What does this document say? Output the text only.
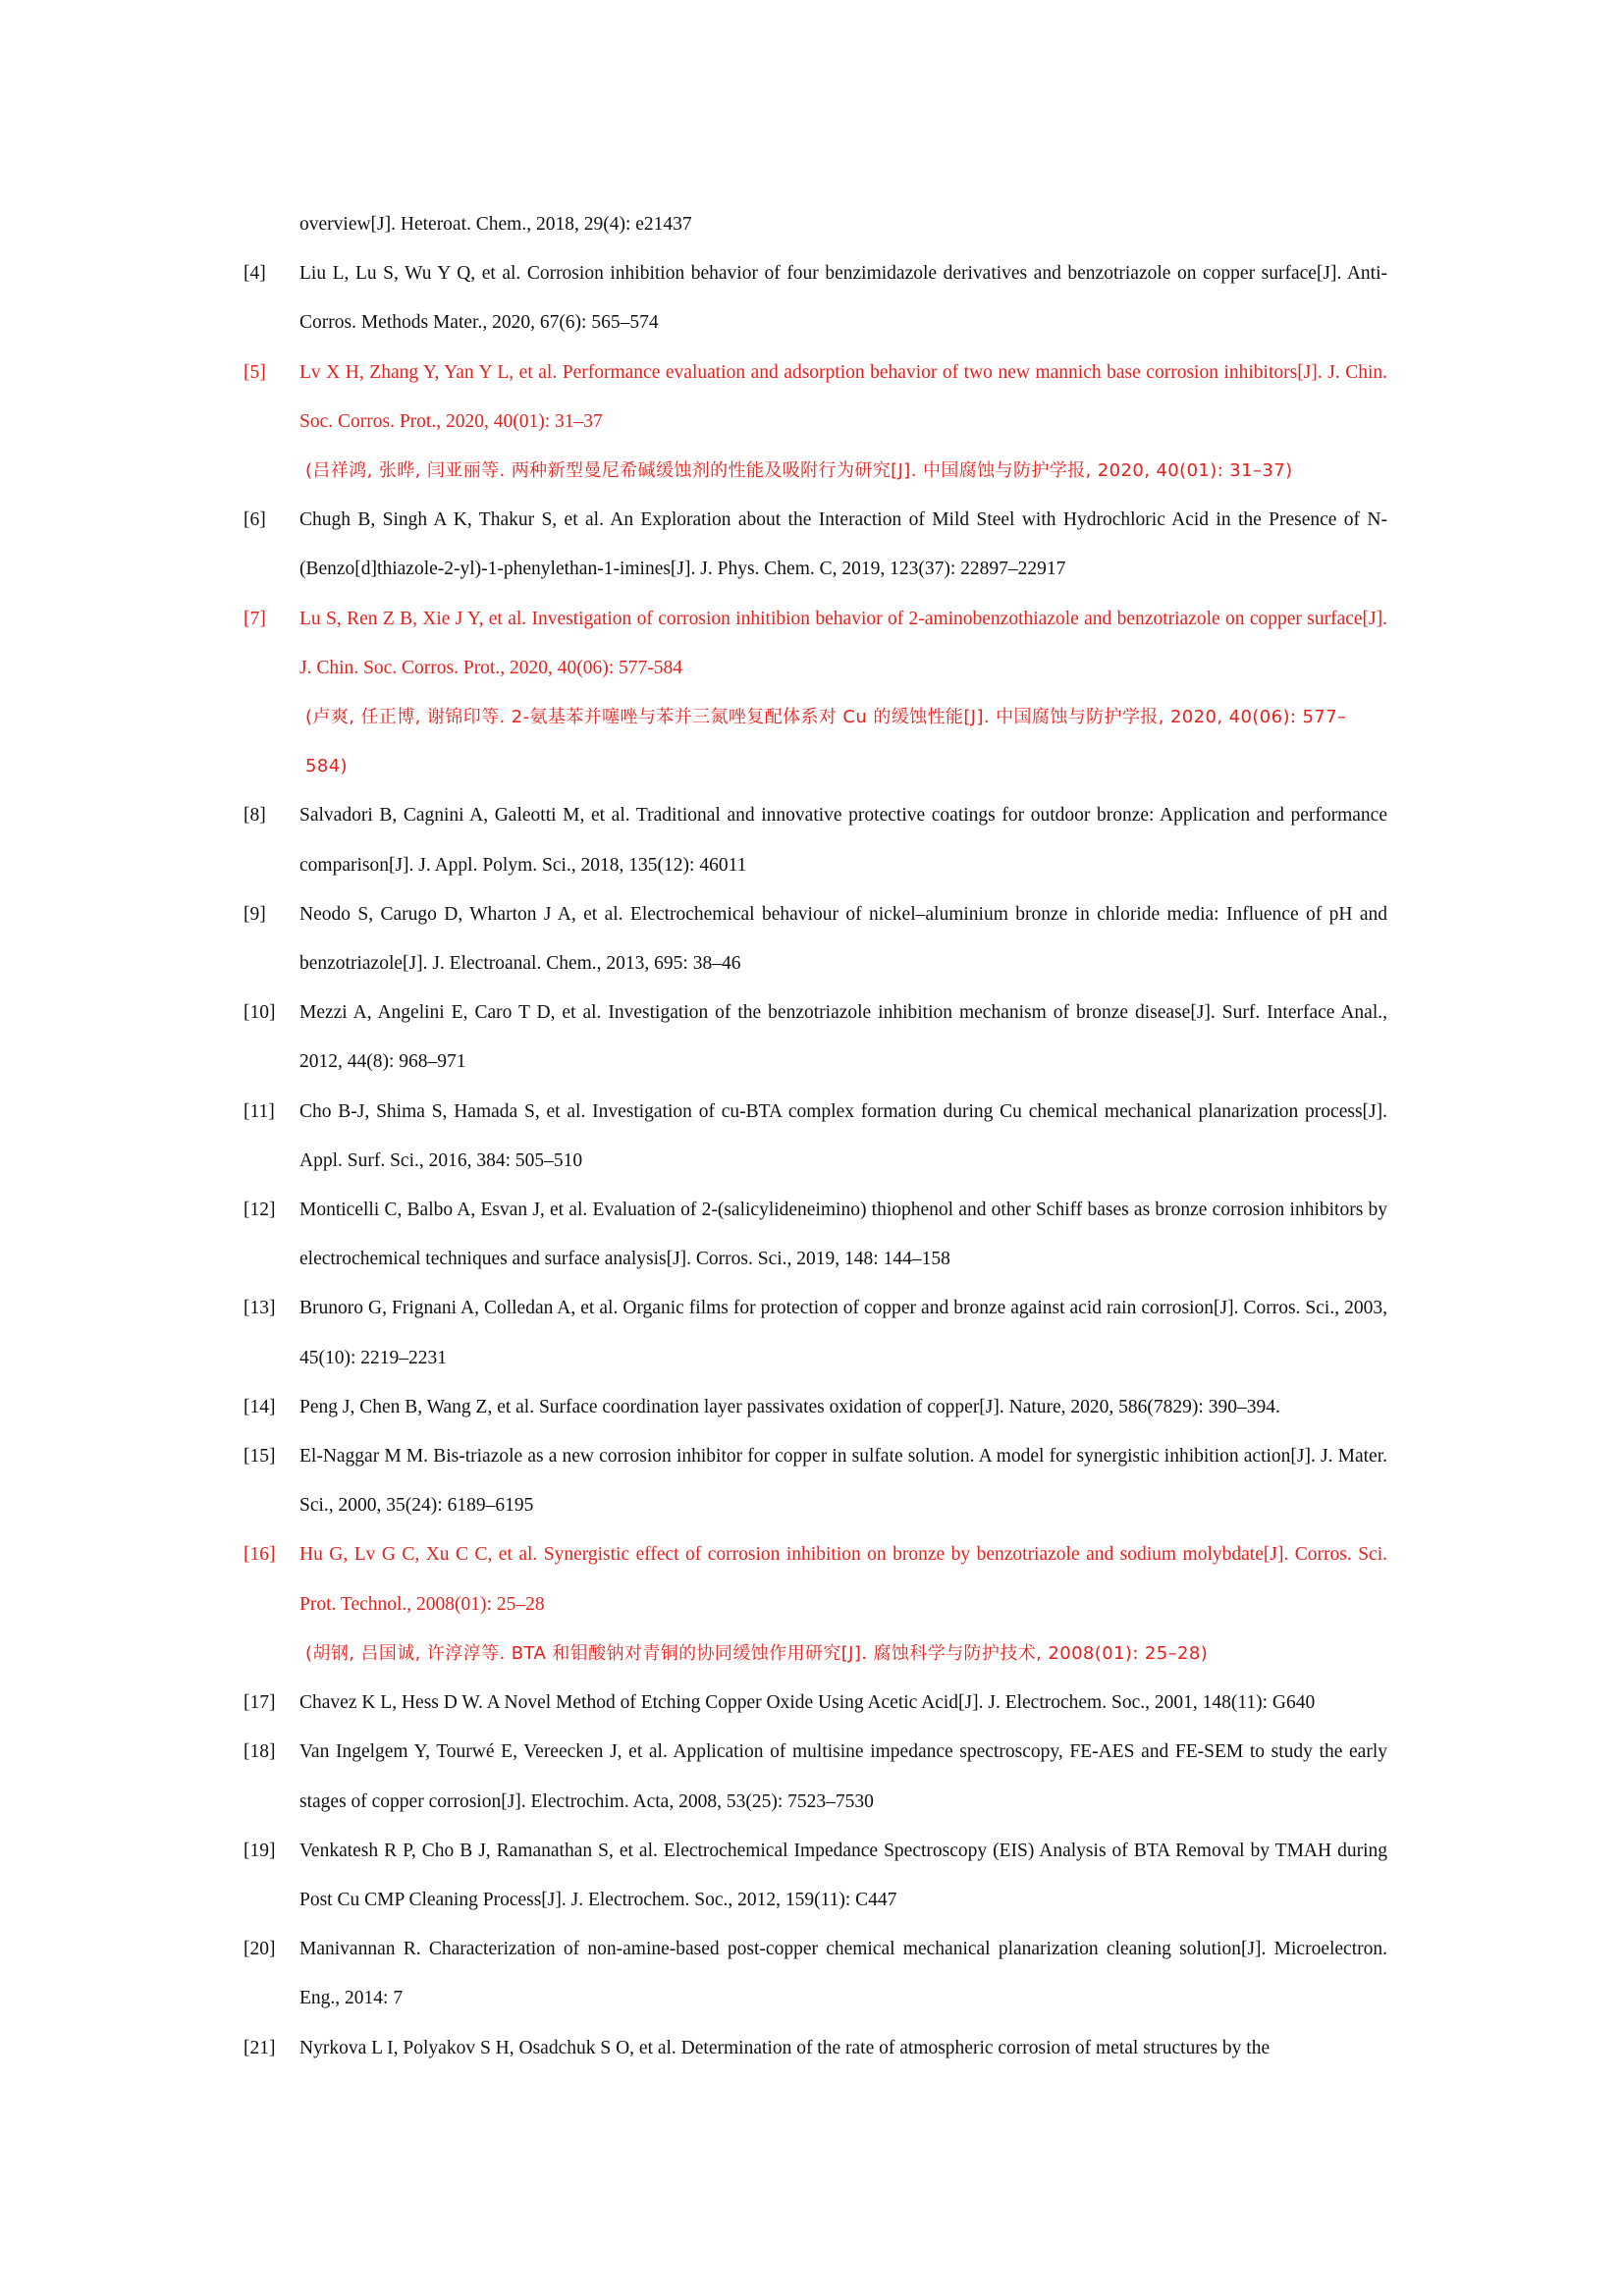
overview[J]. Heteroat. Chem., 2018, 29(4): e21437
[4] Liu L, Lu S, Wu Y Q, et al. Corrosion inhibition behavior of four benzimidazole derivatives and benzotriazole on copper surface[J]. Anti-Corros. Methods Mater., 2020, 67(6): 565–574
[5] Lv X H, Zhang Y, Yan Y L, et al. Performance evaluation and adsorption behavior of two new mannich base corrosion inhibitors[J]. J. Chin. Soc. Corros. Prot., 2020, 40(01): 31–37
(吕祥鸿, 张晔, 闫亚丽等. 两种新型曼尼希碱缓蚀剂的性能及吸附行为研究[J]. 中国腐蚀与防护学报, 2020, 40(01): 31–37)
[6] Chugh B, Singh A K, Thakur S, et al. An Exploration about the Interaction of Mild Steel with Hydrochloric Acid in the Presence of N-(Benzo[d]thiazole-2-yl)-1-phenylethan-1-imines[J]. J. Phys. Chem. C, 2019, 123(37): 22897–22917
[7] Lu S, Ren Z B, Xie J Y, et al. Investigation of corrosion inhitibion behavior of 2-aminobenzothiazole and benzotriazole on copper surface[J]. J. Chin. Soc. Corros. Prot., 2020, 40(06): 577-584
(卢爽, 任正博, 谢锦印等. 2-氨基苯并噻唑与苯并三氮唑复配体系对 Cu 的缓蚀性能[J]. 中国腐蚀与防护学报, 2020, 40(06): 577–584)
[8] Salvadori B, Cagnini A, Galeotti M, et al. Traditional and innovative protective coatings for outdoor bronze: Application and performance comparison[J]. J. Appl. Polym. Sci., 2018, 135(12): 46011
[9] Neodo S, Carugo D, Wharton J A, et al. Electrochemical behaviour of nickel–aluminium bronze in chloride media: Influence of pH and benzotriazole[J]. J. Electroanal. Chem., 2013, 695: 38–46
[10] Mezzi A, Angelini E, Caro T D, et al. Investigation of the benzotriazole inhibition mechanism of bronze disease[J]. Surf. Interface Anal., 2012, 44(8): 968–971
[11] Cho B-J, Shima S, Hamada S, et al. Investigation of cu-BTA complex formation during Cu chemical mechanical planarization process[J]. Appl. Surf. Sci., 2016, 384: 505–510
[12] Monticelli C, Balbo A, Esvan J, et al. Evaluation of 2-(salicylideneimino) thiophenol and other Schiff bases as bronze corrosion inhibitors by electrochemical techniques and surface analysis[J]. Corros. Sci., 2019, 148: 144–158
[13] Brunoro G, Frignani A, Colledan A, et al. Organic films for protection of copper and bronze against acid rain corrosion[J]. Corros. Sci., 2003, 45(10): 2219–2231
[14] Peng J, Chen B, Wang Z, et al. Surface coordination layer passivates oxidation of copper[J]. Nature, 2020, 586(7829): 390–394.
[15] El-Naggar M M. Bis-triazole as a new corrosion inhibitor for copper in sulfate solution. A model for synergistic inhibition action[J]. J. Mater. Sci., 2000, 35(24): 6189–6195
[16] Hu G, Lv G C, Xu C C, et al. Synergistic effect of corrosion inhibition on bronze by benzotriazole and sodium molybdate[J]. Corros. Sci. Prot. Technol., 2008(01): 25–28
(胡钢, 吕国诚, 许淳淳等. BTA 和钼酸钠对青铜的协同缓蚀作用研究[J]. 腐蚀科学与防护技术, 2008(01): 25–28)
[17] Chavez K L, Hess D W. A Novel Method of Etching Copper Oxide Using Acetic Acid[J]. J. Electrochem. Soc., 2001, 148(11): G640
[18] Van Ingelgem Y, Tourwé E, Vereecken J, et al. Application of multisine impedance spectroscopy, FE-AES and FE-SEM to study the early stages of copper corrosion[J]. Electrochim. Acta, 2008, 53(25): 7523–7530
[19] Venkatesh R P, Cho B J, Ramanathan S, et al. Electrochemical Impedance Spectroscopy (EIS) Analysis of BTA Removal by TMAH during Post Cu CMP Cleaning Process[J]. J. Electrochem. Soc., 2012, 159(11): C447
[20] Manivannan R. Characterization of non-amine-based post-copper chemical mechanical planarization cleaning solution[J]. Microelectron. Eng., 2014: 7
[21] Nyrkova L I, Polyakov S H, Osadchuk S O, et al. Determination of the rate of atmospheric corrosion of metal structures by the
